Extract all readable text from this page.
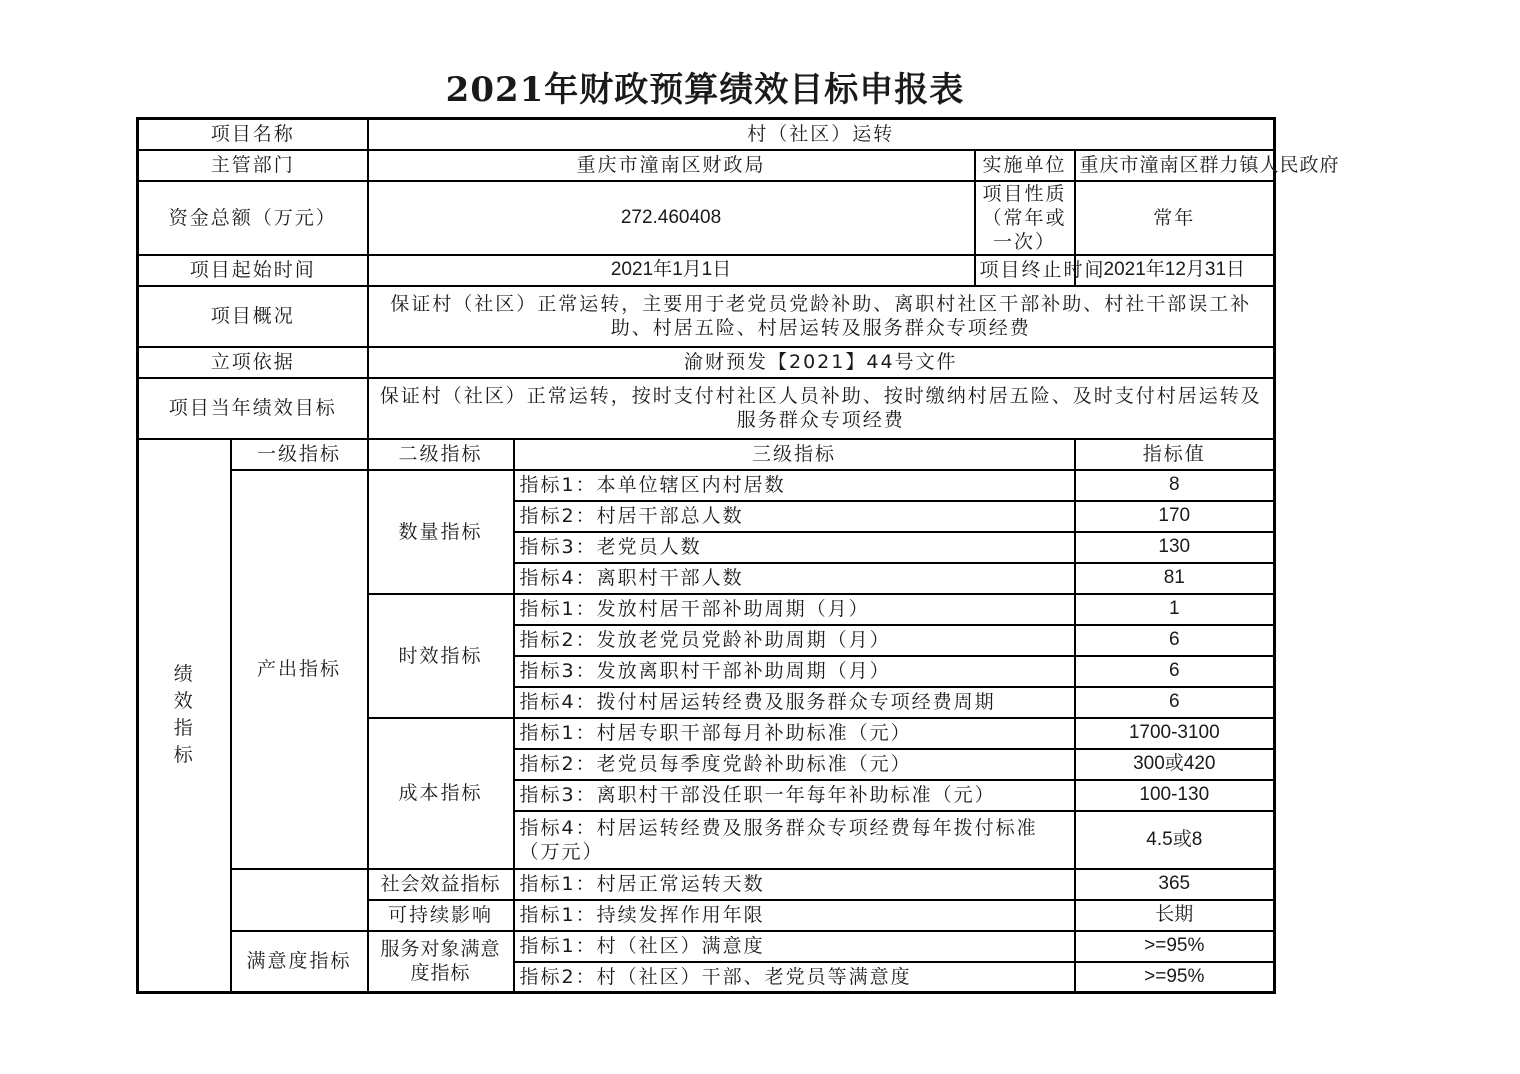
2021年财政预算绩效目标申报表
项目名称		村（社区）运转			
主管部门		重庆市潼南区财政局		实施单位	重庆市潼南区群力镇人民政府
资金总额（万元）		272.460408		项目性质（常年或一次）	常年
项目起始时间		2021年1月1日		项目终止时间	2021年12月31日
项目概况		保证村（社区）正常运转，主要用于老党员党龄补助、离职村社区干部补助、村社干部误工补助、村居五险、村居运转及服务群众专项经费			
立项依据		渝财预发【2021】44号文件			
项目当年绩效目标		保证村（社区）正常运转，按时支付村社区人员补助、按时缴纳村居五险、及时支付村居运转及服务群众专项经费			
绩效指标	一级指标	二级指标	三级指标		指标值
	产出指标	数量指标	指标1：本单位辖区内村居数		8
			指标2：村居干部总人数		170
			指标3：老党员人数		130
			指标4：离职村干部人数		81
		时效指标	指标1：发放村居干部补助周期（月）		1
			指标2：发放老党员党龄补助周期（月）		6
			指标3：发放离职村干部补助周期（月）		6
			指标4：拨付村居运转经费及服务群众专项经费周期		6
		成本指标	指标1：村居专职干部每月补助标准（元）		1700-3100
			指标2：老党员每季度党龄补助标准（元）		300或420
			指标3：离职村干部没任职一年每年补助标准（元）		100-130
			指标4：村居运转经费及服务群众专项经费每年拨付标准（万元）		4.5或8
		社会效益指标	指标1：村居正常运转天数		365
		可持续影响	指标1：持续发挥作用年限		长期
	满意度指标	服务对象满意度指标	指标1：村（社区）满意度		>=95%
			指标2：村（社区）干部、老党员等满意度		>=95%
